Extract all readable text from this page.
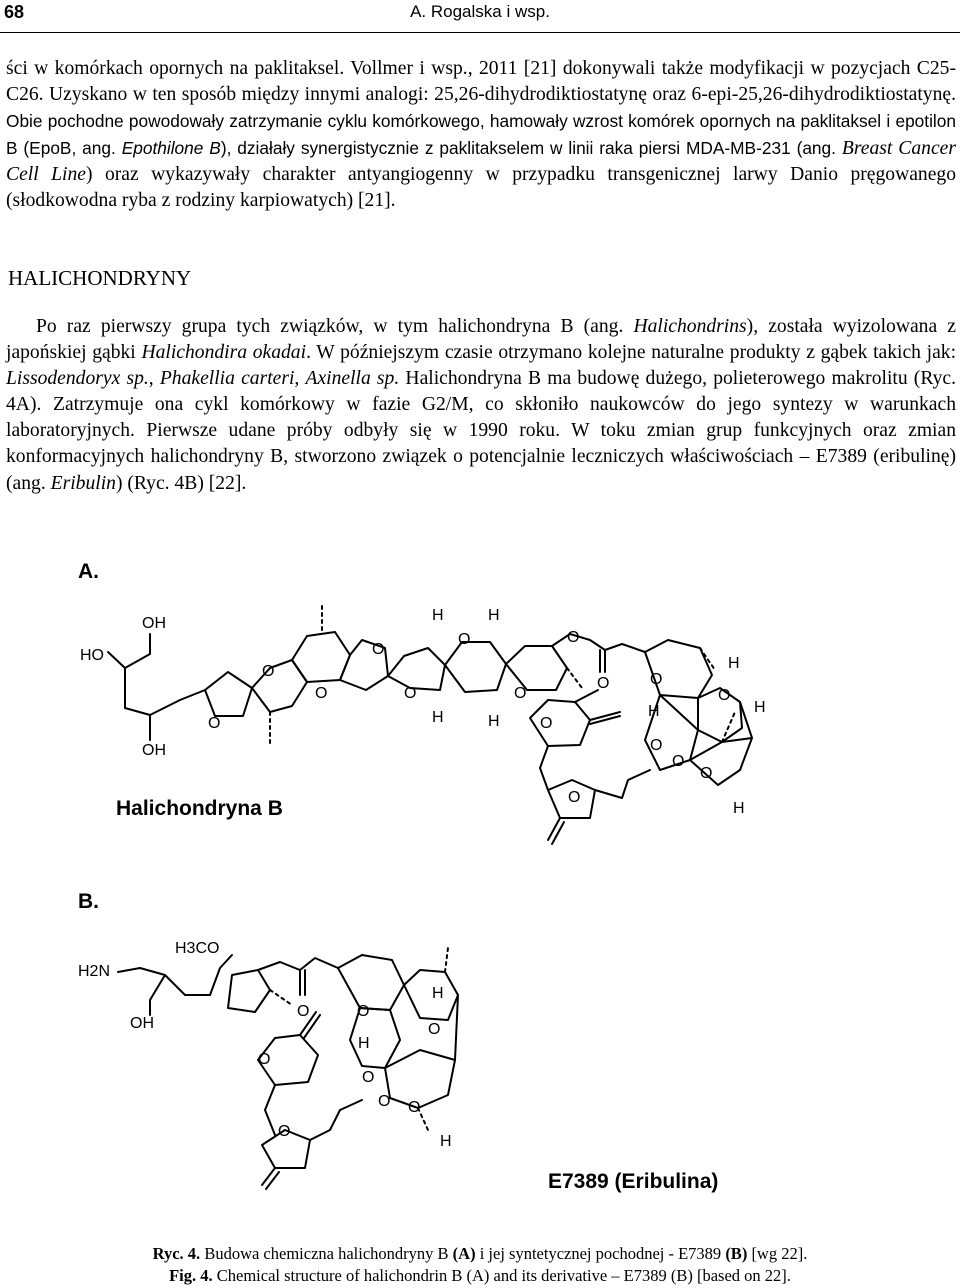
68	A. Rogalska i wsp.
ści w komórkach opornych na paklitaksel. Vollmer i wsp., 2011 [21] dokonywali także modyfikacji w pozycjach C25-C26. Uzyskano w ten sposób między innymi analogi: 25,26-dihydrodiktiostatynę oraz 6-epi-25,26-dihydrodiktiostatynę. Obie pochodne powodowały zatrzymanie cyklu komórkowego, hamowały wzrost komórek opornych na paklitaksel i epotilon B (EpoB, ang. Epothilone B), działały synergistycznie z paklitakselem w linii raka piersi MDA-MB-231 (ang. Breast Cancer Cell Line) oraz wykazywały charakter antyangiogenny w przypadku transgenicznej larwy Danio pręgowanego (słodkowodna ryba z rodziny karpiowatych) [21].
HALICHONDRYNY
Po raz pierwszy grupa tych związków, w tym halichondryna B (ang. Halichondrins), została wyizolowana z japońskiej gąbki Halichondira okadai. W późniejszym czasie otrzymano kolejne naturalne produkty z gąbek takich jak: Lissodendoryx sp., Phakellia carteri, Axinella sp. Halichondryna B ma budowę dużego, polieterowego makrolitu (Ryc. 4A). Zatrzymuje ona cykl komórkowy w fazie G2/M, co skłoniło naukowców do jego syntezy w warunkach laboratoryjnych. Pierwsze udane próby odbyły się w 1990 roku. W toku zmian grup funkcyjnych oraz zmian konformacyjnych halichondryny B, stworzono związek o potencjalnie leczniczych właściwościach – E7389 (eribulinę) (ang. Eribulin) (Ryc. 4B) [22].
HO
OH
OH
O
O
O
O
O
H
O
H
H	H
O
O
O
O
O
O
H
O
H	H
O
O
O
H
H2N
H3CO
OH
O	O
H
O
H
O
O
O O
H
O
A.
Halichondryna B
B.
E7389 (Eribulina)
Ryc. 4. Budowa chemiczna halichondryny B (A) i jej syntetycznej pochodnej - E7389 (B) [wg 22].
Fig. 4. Chemical structure of halichondrin B (A) and its derivative – E7389 (B) [based on 22].
